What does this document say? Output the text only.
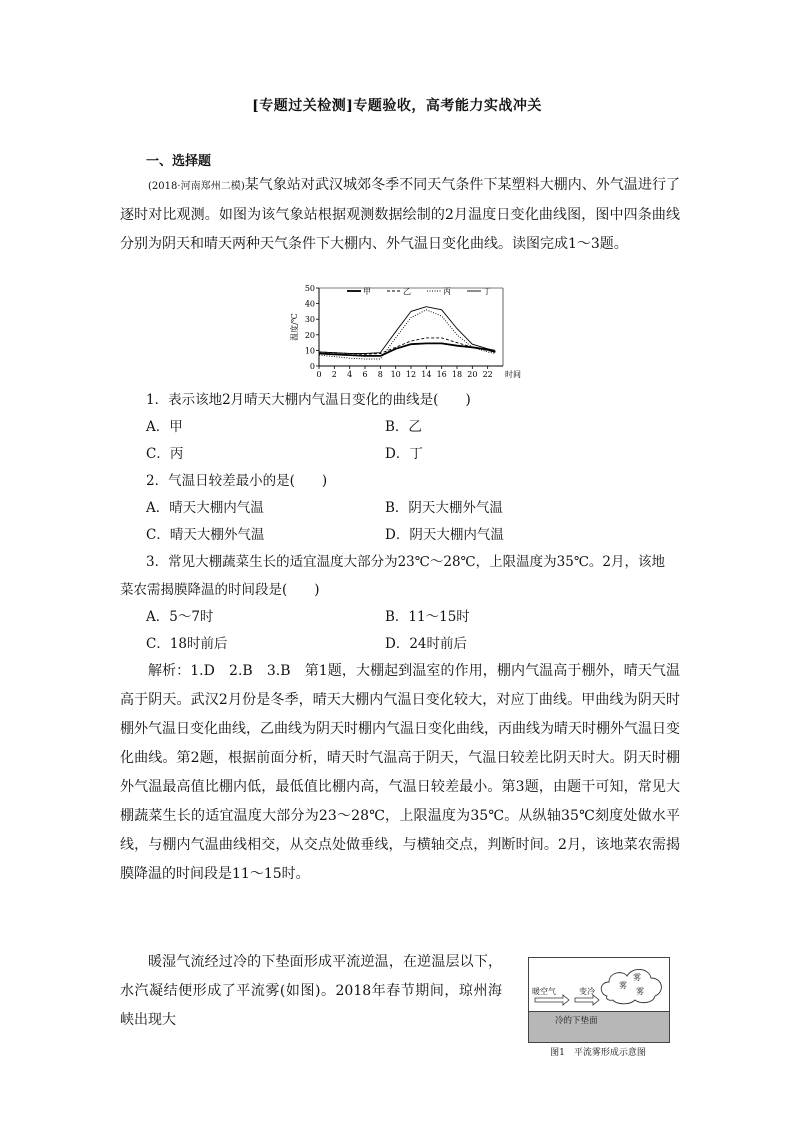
[专题过关检测]专题验收，高考能力实战冲关
一、选择题
(2018·河南郑州二模)某气象站对武汉城郊冬季不同天气条件下某塑料大棚内、外气温进行了逐时对比观测。如图为该气象站根据观测数据绘制的2月温度日变化曲线图，图中四条曲线分别为阴天和晴天两种天气条件下大棚内、外气温日变化曲线。读图完成1～3题。
0
10
20
30
40
50
0 2 4 6 8 10 12 14 16 18 20 22 时间
温度/℃
甲	乙	丙	丁
1．表示该地2月晴天大棚内气温日变化的曲线是(　　)
A．甲	B．乙
C．丙	D．丁
2．气温日较差最小的是(　　)
A．晴天大棚内气温	B．阴天大棚外气温
C．晴天大棚外气温	D．阴天大棚内气温
3．常见大棚蔬菜生长的适宜温度大部分为23℃～28℃，上限温度为35℃。2月，该地
菜农需揭膜降温的时间段是(　　)
A．5～7时	B．11～15时
C．18时前后	D．24时前后
解析：1.D　2.B　3.B　第1题，大棚起到温室的作用，棚内气温高于棚外，晴天气温高于阴天。武汉2月份是冬季，晴天大棚内气温日变化较大，对应丁曲线。甲曲线为阴天时棚外气温日变化曲线，乙曲线为阴天时棚内气温日变化曲线，丙曲线为晴天时棚外气温日变化曲线。第2题，根据前面分析，晴天时气温高于阴天，气温日较差比阴天时大。阴天时棚外气温最高值比棚内低，最低值比棚内高，气温日较差最小。第3题，由题干可知，常见大棚蔬菜生长的适宜温度大部分为23～28℃，上限温度为35℃。从纵轴35℃刻度处做水平线，与棚内气温曲线相交，从交点处做垂线，与横轴交点，判断时间。2月，该地菜农需揭膜降温的时间段是11～15时。
暖湿气流经过冷的下垫面形成平流逆温，在逆温层以下，水汽凝结便形成了平流雾(如图)。2018年春节期间，琼州海峡出现大
暖空气	变冷
雾
雾
雾
冷的下垫面
图1　平流雾形成示意图
